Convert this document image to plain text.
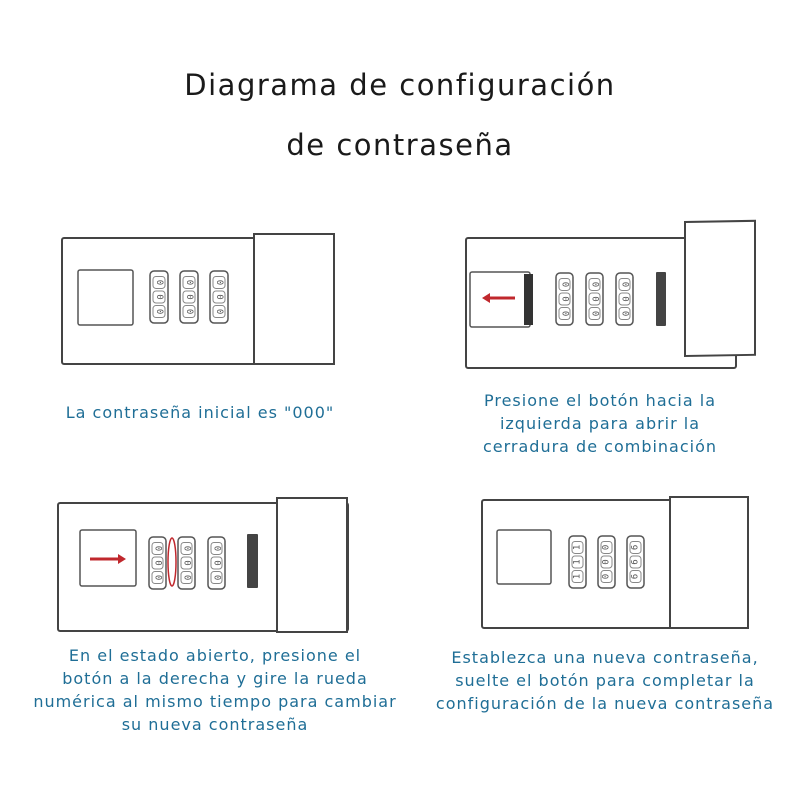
Diagrama de configuración
de contraseña
0
0
0
0
0
0
0
0
0
0
0
0
0
0
0
0
0
0
0
0
0
0
0
0
0
0
0
1
1
1
0
0
0
6
6
6
La contraseña inicial es "000"
Presione el botón hacia la
izquierda para abrir la
cerradura de combinación
En el estado abierto, presione el
botón a la derecha y gire la rueda
numérica al mismo tiempo para cambiar
su nueva contraseña
Establezca una nueva contraseña,
suelte el botón para completar la
configuración de la nueva contraseña
